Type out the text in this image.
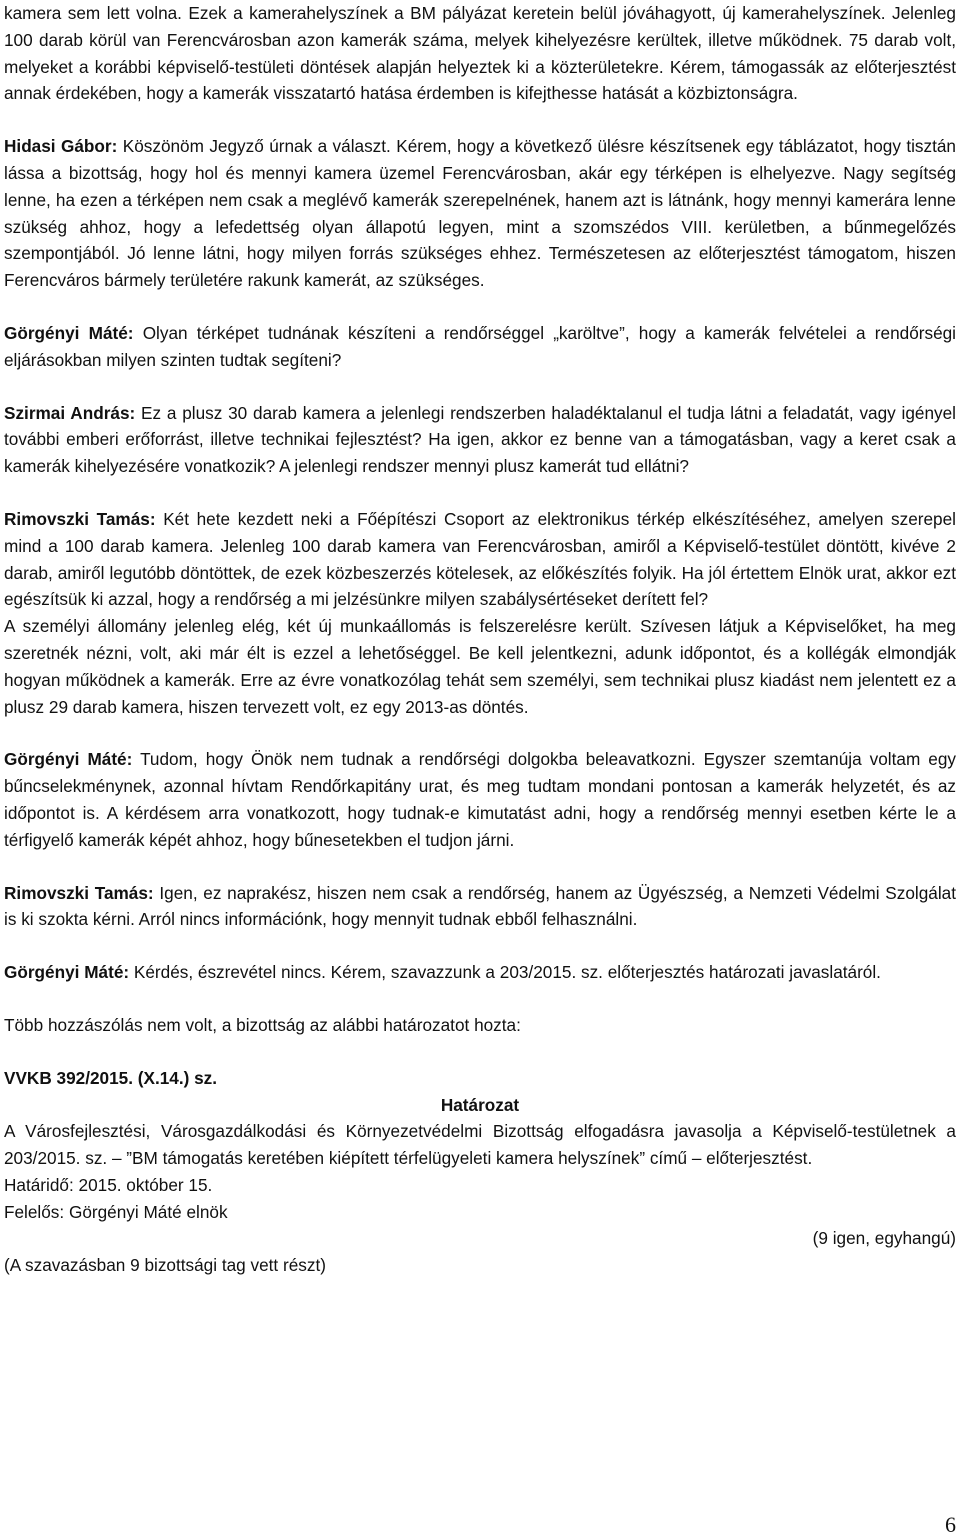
kamera sem lett volna. Ezek a kamerahelyszínek a BM pályázat keretein belül jóváhagyott, új kamerahelyszínek. Jelenleg 100 darab körül van Ferencvárosban azon kamerák száma, melyek kihelyezésre kerültek, illetve működnek. 75 darab volt, melyeket a korábbi képviselő-testületi döntések alapján helyeztek ki a közterületekre. Kérem, támogassák az előterjesztést annak érdekében, hogy a kamerák visszatartó hatása érdemben is kifejthesse hatását a közbiztonságra.

Hidasi Gábor: Köszönöm Jegyző úrnak a választ. Kérem, hogy a következő ülésre készítsenek egy táblázatot, hogy tisztán lássa a bizottság, hogy hol és mennyi kamera üzemel Ferencvárosban, akár egy térképen is elhelyezve. Nagy segítség lenne, ha ezen a térképen nem csak a meglévő kamerák szerepelnének, hanem azt is látnánk, hogy mennyi kamerára lenne szükség ahhoz, hogy a lefedettség olyan állapotú legyen, mint a szomszédos VIII. kerületben, a bűnmegelőzés szempontjából. Jó lenne látni, hogy milyen forrás szükséges ehhez. Természetesen az előterjesztést támogatom, hiszen Ferencváros bármely területére rakunk kamerát, az szükséges.

Görgényi Máté: Olyan térképet tudnának készíteni a rendőrséggel „karöltve”, hogy a kamerák felvételei a rendőrségi eljárásokban milyen szinten tudtak segíteni?

Szirmai András: Ez a plusz 30 darab kamera a jelenlegi rendszerben haladéktalanul el tudja látni a feladatát, vagy igényel további emberi erőforrást, illetve technikai fejlesztést? Ha igen, akkor ez benne van a támogatásban, vagy a keret csak a kamerák kihelyezésére vonatkozik? A jelenlegi rendszer mennyi plusz kamerát tud ellátni?

Rimovszki Tamás: Két hete kezdett neki a Főépítészi Csoport az elektronikus térkép elkészítéséhez, amelyen szerepel mind a 100 darab kamera. Jelenleg 100 darab kamera van Ferencvárosban, amiről a Képviselő-testület döntött, kivéve 2 darab, amiről legutóbb döntöttek, de ezek közbeszerzés kötelesek, az előkészítés folyik. Ha jól értettem Elnök urat, akkor ezt egészítsük ki azzal, hogy a rendőrség a mi jelzésünkre milyen szabálysértéseket derített fel?

A személyi állomány jelenleg elég, két új munkaállomás is felszerelésre került. Szívesen látjuk a Képviselőket, ha meg szeretnék nézni, volt, aki már élt is ezzel a lehetőséggel. Be kell jelentkezni, adunk időpontot, és a kollégák elmondják hogyan működnek a kamerák. Erre az évre vonatkozólag tehát sem személyi, sem technikai plusz kiadást nem jelentett ez a plusz 29 darab kamera, hiszen tervezett volt, ez egy 2013-as döntés.

Görgényi Máté: Tudom, hogy Önök nem tudnak a rendőrségi dolgokba beleavatkozni. Egyszer szemtanúja voltam egy bűncselekménynek, azonnal hívtam Rendőrkapitány urat, és meg tudtam mondani pontosan a kamerák helyzetét, és az időpontot is. A kérdésem arra vonatkozott, hogy tudnak-e kimutatást adni, hogy a rendőrség mennyi esetben kérte le a térfigyelő kamerák képét ahhoz, hogy bűnesetekben el tudjon járni.

Rimovszki Tamás: Igen, ez naprakész, hiszen nem csak a rendőrség, hanem az Ügyészség, a Nemzeti Védelmi Szolgálat is ki szokta kérni. Arról nincs információnk, hogy mennyit tudnak ebből felhasználni.

Görgényi Máté: Kérdés, észrevétel nincs. Kérem, szavazzunk a 203/2015. sz. előterjesztés határozati javaslatáról.

Több hozzászólás nem volt, a bizottság az alábbi határozatot hozta:

VVKB 392/2015. (X.14.) sz.

Határozat

A Városfejlesztési, Városgazdálkodási és Környezetvédelmi Bizottság elfogadásra javasolja a Képviselő-testületnek a 203/2015. sz. – ”BM támogatás keretében kiépített térfelügyeleti kamera helyszínek” című – előterjesztést.

Határidő: 2015. október 15.

Felelős: Görgényi Máté elnök

(9 igen, egyhangú)

(A szavazásban 9 bizottsági tag vett részt)

6
